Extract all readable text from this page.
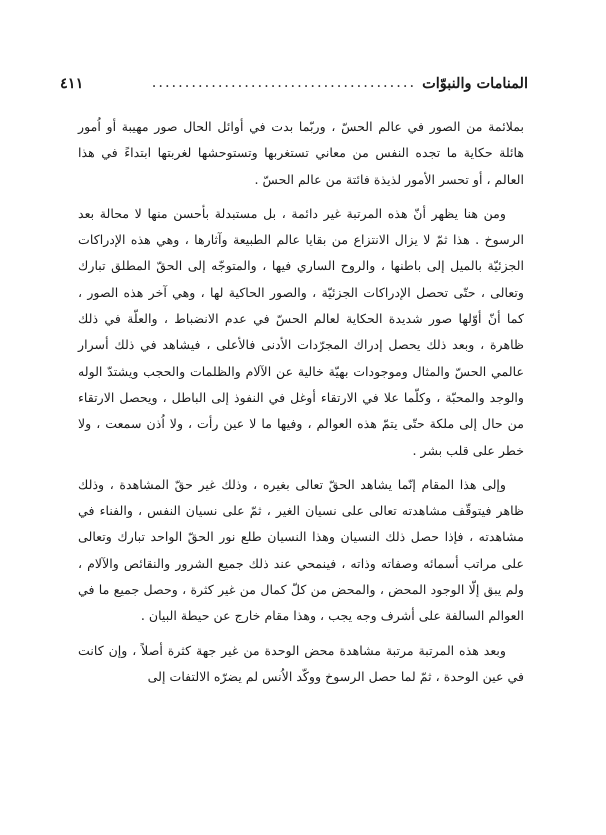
المنامات والنبوّات
........................................
٤١١

بملائمة من الصور في عالم الحسّ ، وربّما بدت في أوائل الحال صور مهيبة أو اُمور هائلة حكاية ما تجده النفس من معاني تستغربها وتستوحشها لغربتها ابتداءً في هذا العالم ، أو تحسر الأمور لذيذة فائتة من عالم الحسّ .

ومن هنا يظهر أنّ هذه المرتبة غير دائمة ، بل مستبدلة بأحسن منها لا محالة بعد الرسوخ . هذا ثمّ لا يزال الانتزاع من بقايا عالم الطبيعة وآثارها ، وهي هذه الإدراكات الجزئيّة بالميل إلى باطنها ، والروح الساري فيها ، والمتوجّه إلى الحقّ المطلق تبارك وتعالى ، حتّى تحصل الإدراكات الجزئيّة ، والصور الحاكية لها ، وهي آخر هذه الصور ، كما أنّ أوّلها صور شديدة الحكاية لعالم الحسّ في عدم الانضباط ، والعلّة في ذلك ظاهرة ، وبعد ذلك يحصل إدراك المجرّدات الأدنى فالأعلى ، فيشاهد في ذلك أسرار عالمي الحسّ والمثال وموجودات بهيّة خالية عن الآلام والظلمات والحجب ويشتدّ الوله والوجد والمحبّة ، وكلّما علا في الارتقاء أوغل في النفوذ إلى الباطل ، ويحصل الارتقاء من حال إلى ملكة حتّى يتمّ هذه العوالم ، وفيها ما لا عين رأت ، ولا اُذن سمعت ، ولا خطر على قلب بشر .

وإلى هذا المقام إنّما يشاهد الحقّ تعالى بغيره ، وذلك غير حقّ المشاهدة ، وذلك ظاهر فيتوقّف مشاهدته تعالى على نسيان الغير ، ثمّ على نسيان النفس ، والفناء في مشاهدته ، فإذا حصل ذلك النسيان وهذا النسيان طلع نور الحقّ الواحد تبارك وتعالى على مراتب أسمائه وصفاته وذاته ، فينمحي عند ذلك جميع الشرور والنقائص والآلام ، ولم يبق إلّا الوجود المحض ، والمحض من كلّ كمال من غير كثرة ، وحصل جميع ما في العوالم السالفة على أشرف وجه يجب ، وهذا مقام خارج عن حيطة البيان .

وبعد هذه المرتبة مرتبة مشاهدة محض الوحدة من غير جهة كثرة أصلاً ، وإن كانت في عين الوحدة ، ثمّ لما حصل الرسوخ ووكّد الاُنس لم يضرّه الالتفات إلى
